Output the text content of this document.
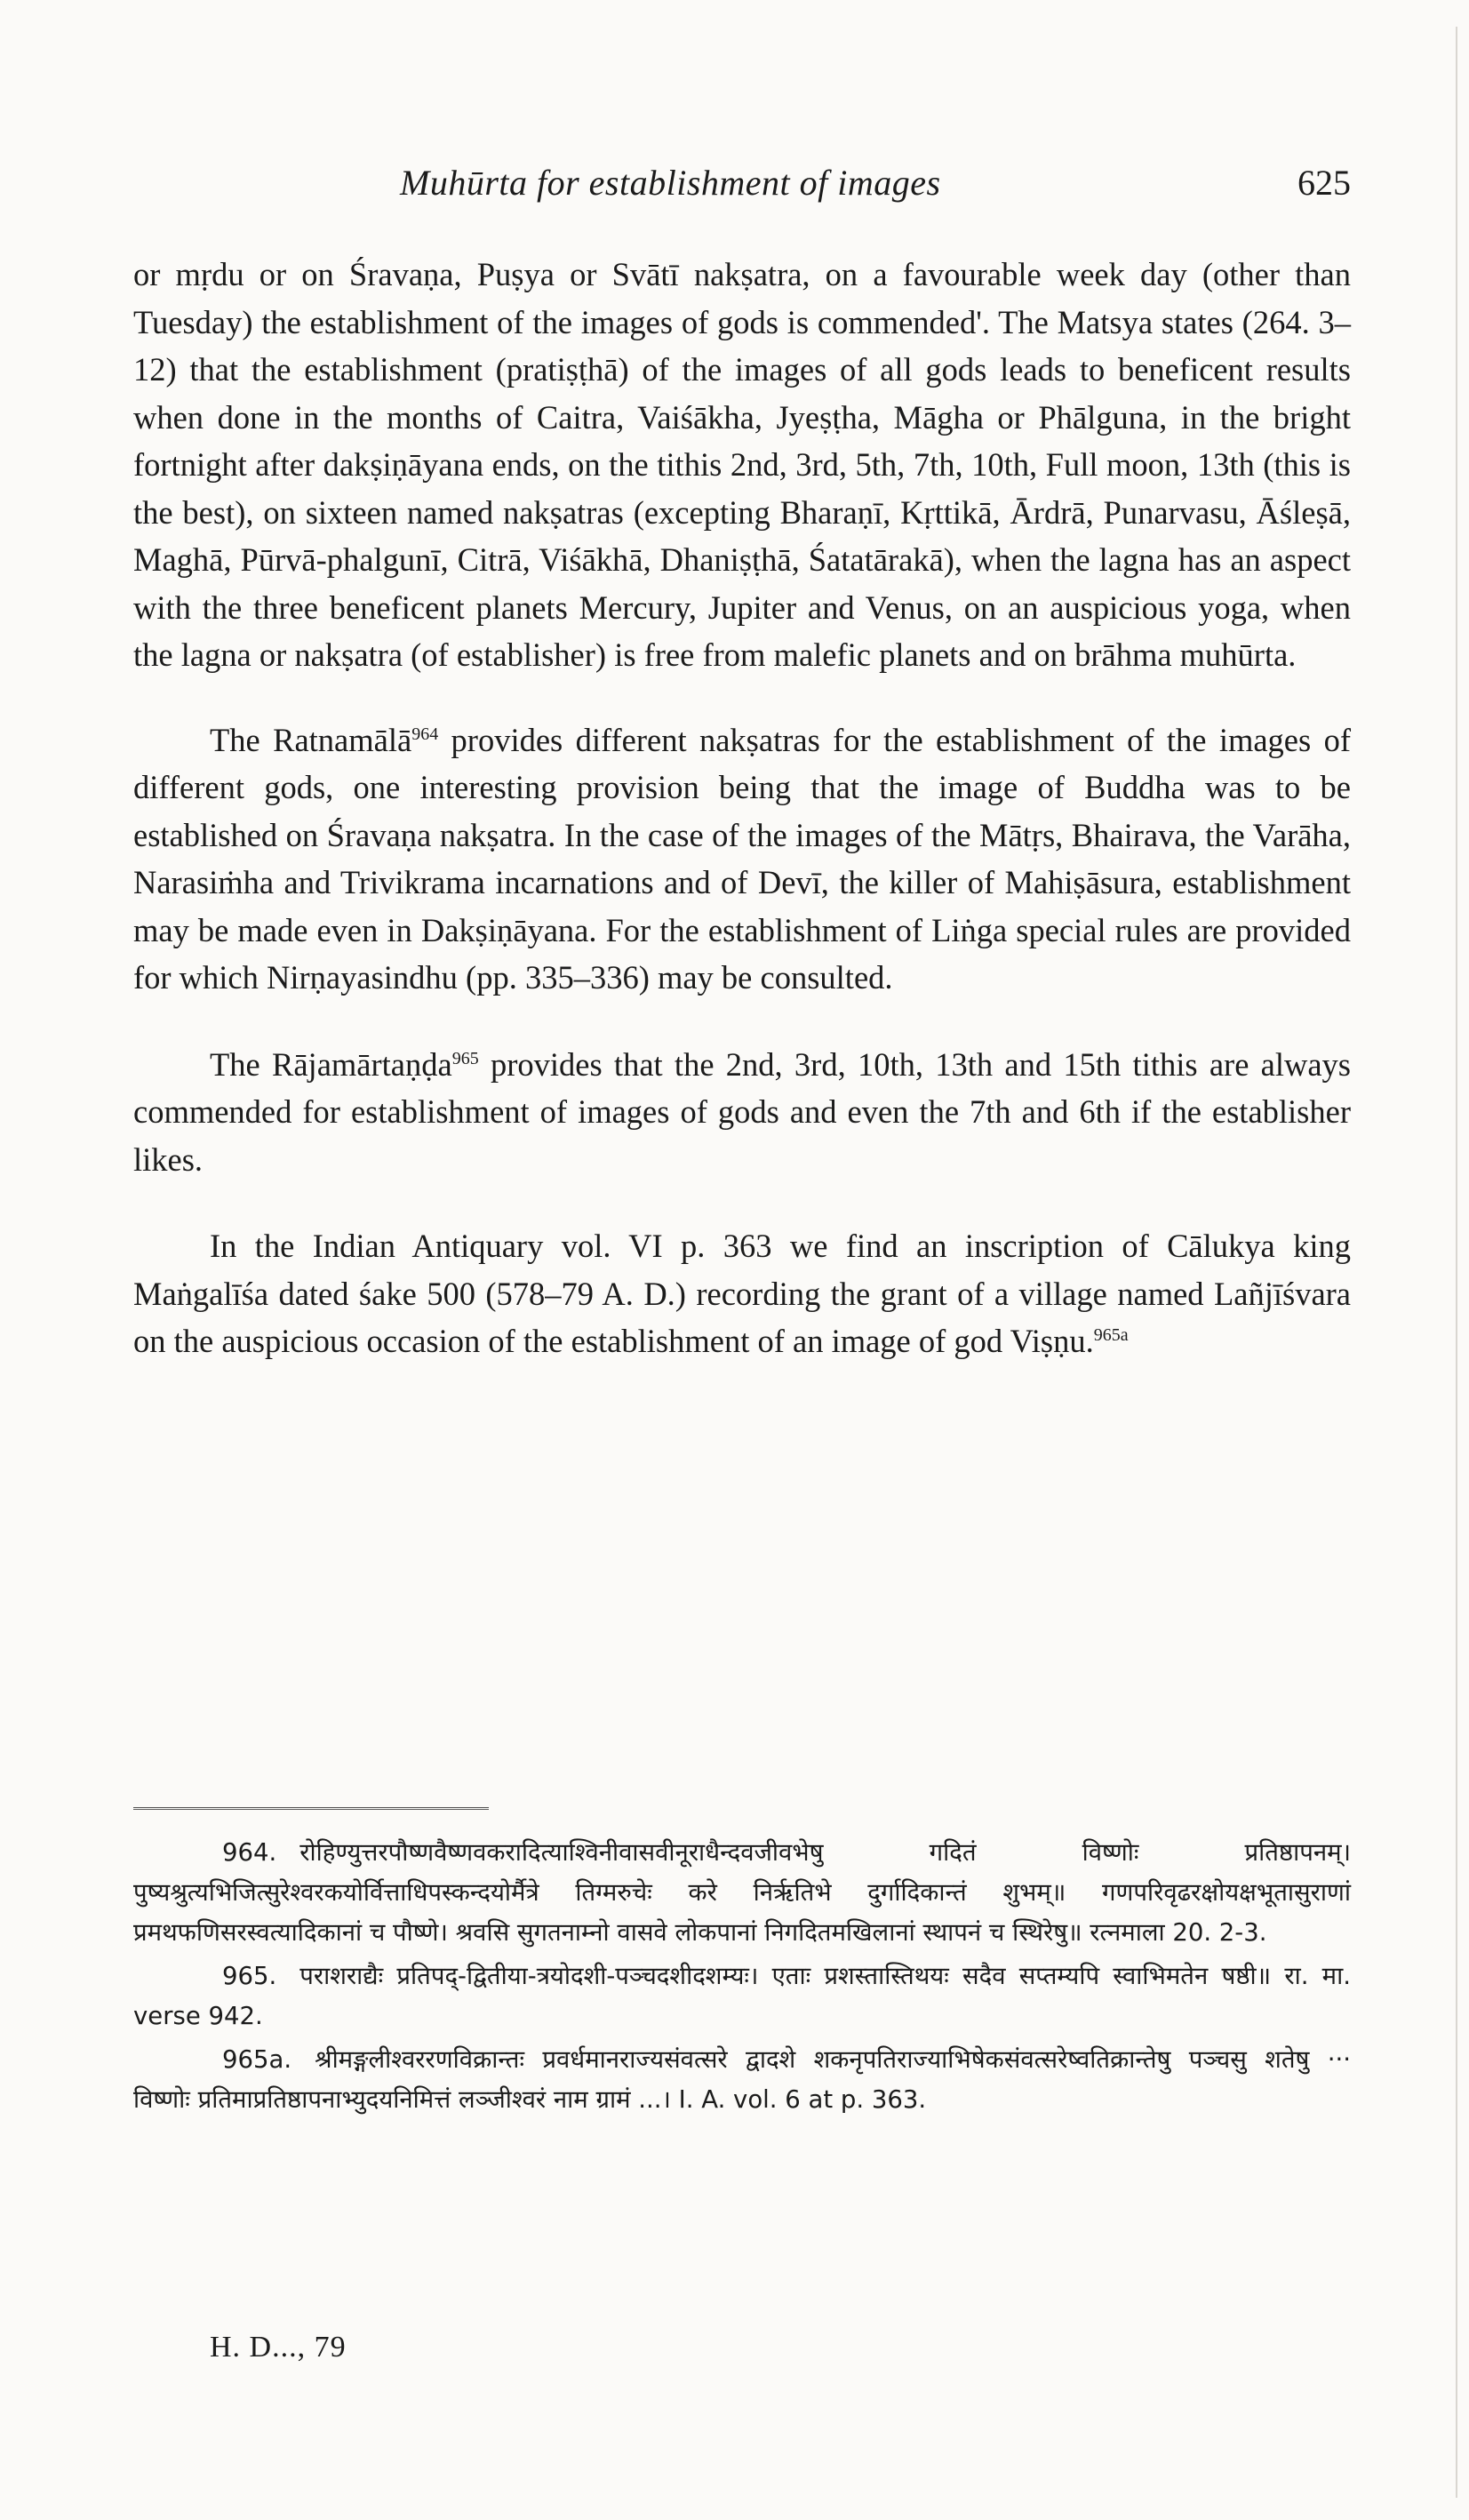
Muhūrta for establishment of images	625

or mṛdu or on Śravaṇa, Puṣya or Svātī nakṣatra, on a favourable week day (other than Tuesday) the establishment of the images of gods is commended'. The Matsya states (264. 3–12) that the establishment (pratiṣṭhā) of the images of all gods leads to beneficent results when done in the months of Caitra, Vaiśākha, Jyeṣṭha, Māgha or Phālguna, in the bright fortnight after dakṣiṇāyana ends, on the tithis 2nd, 3rd, 5th, 7th, 10th, Full moon, 13th (this is the best), on sixteen named nakṣatras (excepting Bharaṇī, Kṛttikā, Ārdrā, Punarvasu, Āśleṣā, Maghā, Pūrvā-phalgunī, Citrā, Viśākhā, Dhaniṣṭhā, Śatatārakā), when the lagna has an aspect with the three beneficent planets Mercury, Jupiter and Venus, on an auspicious yoga, when the lagna or nakṣatra (of establisher) is free from malefic planets and on brāhma muhūrta.

The Ratnamālā$^{964}$ provides different nakṣatras for the establishment of the images of different gods, one interesting provision being that the image of Buddha was to be established on Śravaṇa nakṣatra. In the case of the images of the Mātṛs, Bhairava, the Varāha, Narasiṁha and Trivikrama incarnations and of Devī, the killer of Mahiṣāsura, establishment may be made even in Dakṣiṇāyana. For the establishment of Liṅga special rules are provided for which Nirṇayasindhu (pp. 335–336) may be consulted.

The Rājamārtaṇḍa$^{965}$ provides that the 2nd, 3rd, 10th, 13th and 15th tithis are always commended for establishment of images of gods and even the 7th and 6th if the establisher likes.

In the Indian Antiquary vol. VI p. 363 we find an inscription of Cālukya king Maṅgalīśa dated śake 500 (578–79 A. D.) recording the grant of a village named Lañjīśvara on the auspicious occasion of the establishment of an image of god Viṣṇu.$^{965a}$

964. रोहिण्युत्तरपौष्णवैष्णवकरादित्याश्विनीवासवीनूराधैन्दवजीवभेषु गदितं विष्णोः प्रतिष्ठापनम्। पुष्यश्रुत्यभिजित्सुरेश्वरकयोर्वित्ताधिपस्कन्दयोर्मैत्रे तिग्मरुचेः करे निर्ऋतिभे दुर्गादिकान्तं शुभम्॥ गणपरिवृढरक्षोयक्षभूतासुराणां प्रमथफणिसरस्वत्यादिकानां च पौष्णे। श्रवसि सुगतनाम्नो वासवे लोकपानां निगदितमखिलानां स्थापनं च स्थिरेषु॥ रत्नमाला 20. 2-3.

965. पराशराद्यैः प्रतिपद्-द्वितीया-त्रयोदशी-पञ्चदशीदशम्यः। एताः प्रशस्तास्तिथयः सदैव सप्तम्यपि स्वाभिमतेन षष्ठी॥ रा. मा. verse 942.

965a. श्रीमङ्गलीश्वररणविक्रान्तः प्रवर्धमानराज्यसंवत्सरे द्वादशे शकनृपतिराज्याभिषेकसंवत्सरेष्वतिक्रान्तेषु पञ्चसु शतेषु ··· विष्णोः प्रतिमाप्रतिष्ठापनाभ्युदयनिमित्तं लञ्जीश्वरं नाम ग्रामं ...। I. A. vol. 6 at p. 363.

H. D..., 79
